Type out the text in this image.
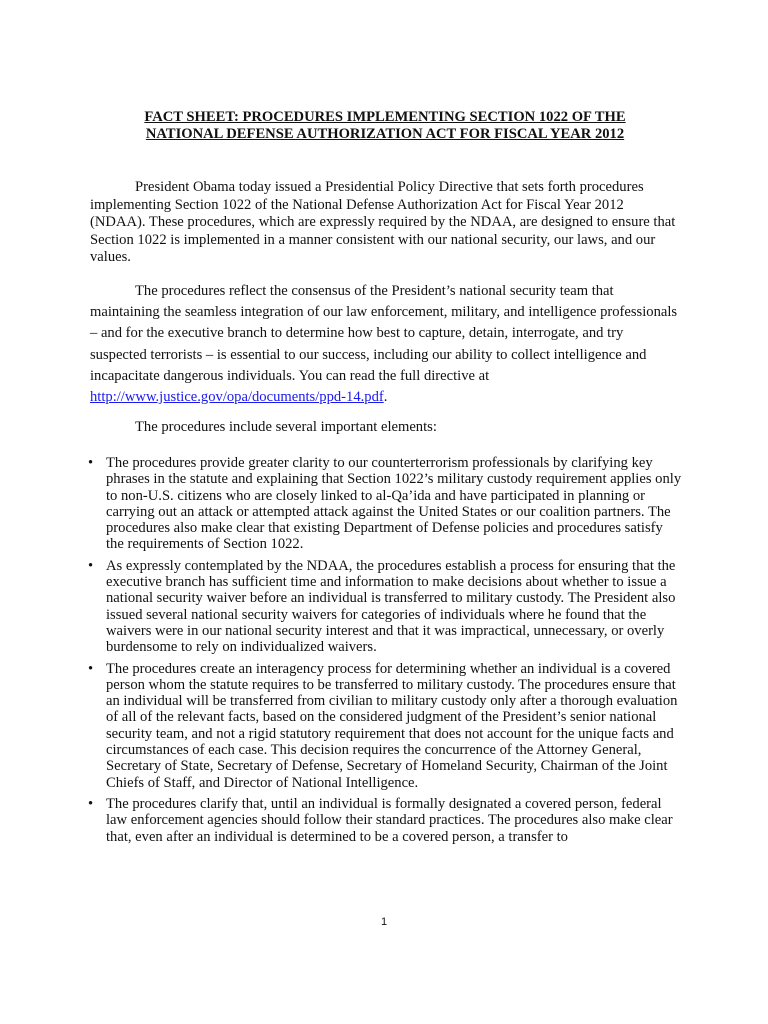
FACT SHEET: PROCEDURES IMPLEMENTING SECTION 1022 OF THE
NATIONAL DEFENSE AUTHORIZATION ACT FOR FISCAL YEAR 2012

President Obama today issued a Presidential Policy Directive that sets forth procedures implementing Section 1022 of the National Defense Authorization Act for Fiscal Year 2012 (NDAA). These procedures, which are expressly required by the NDAA, are designed to ensure that Section 1022 is implemented in a manner consistent with our national security, our laws, and our values.

The procedures reflect the consensus of the President’s national security team that maintaining the seamless integration of our law enforcement, military, and intelligence professionals – and for the executive branch to determine how best to capture, detain, interrogate, and try suspected terrorists – is essential to our success, including our ability to collect intelligence and incapacitate dangerous individuals. You can read the full directive at http://www.justice.gov/opa/documents/ppd-14.pdf.

The procedures include several important elements:

• The procedures provide greater clarity to our counterterrorism professionals by clarifying key phrases in the statute and explaining that Section 1022’s military custody requirement applies only to non-U.S. citizens who are closely linked to al-Qa’ida and have participated in planning or carrying out an attack or attempted attack against the United States or our coalition partners. The procedures also make clear that existing Department of Defense policies and procedures satisfy the requirements of Section 1022.
• As expressly contemplated by the NDAA, the procedures establish a process for ensuring that the executive branch has sufficient time and information to make decisions about whether to issue a national security waiver before an individual is transferred to military custody. The President also issued several national security waivers for categories of individuals where he found that the waivers were in our national security interest and that it was impractical, unnecessary, or overly burdensome to rely on individualized waivers.
• The procedures create an interagency process for determining whether an individual is a covered person whom the statute requires to be transferred to military custody. The procedures ensure that an individual will be transferred from civilian to military custody only after a thorough evaluation of all of the relevant facts, based on the considered judgment of the President’s senior national security team, and not a rigid statutory requirement that does not account for the unique facts and circumstances of each case. This decision requires the concurrence of the Attorney General, Secretary of State, Secretary of Defense, Secretary of Homeland Security, Chairman of the Joint Chiefs of Staff, and Director of National Intelligence.
• The procedures clarify that, until an individual is formally designated a covered person, federal law enforcement agencies should follow their standard practices. The procedures also make clear that, even after an individual is determined to be a covered person, a transfer to

1
